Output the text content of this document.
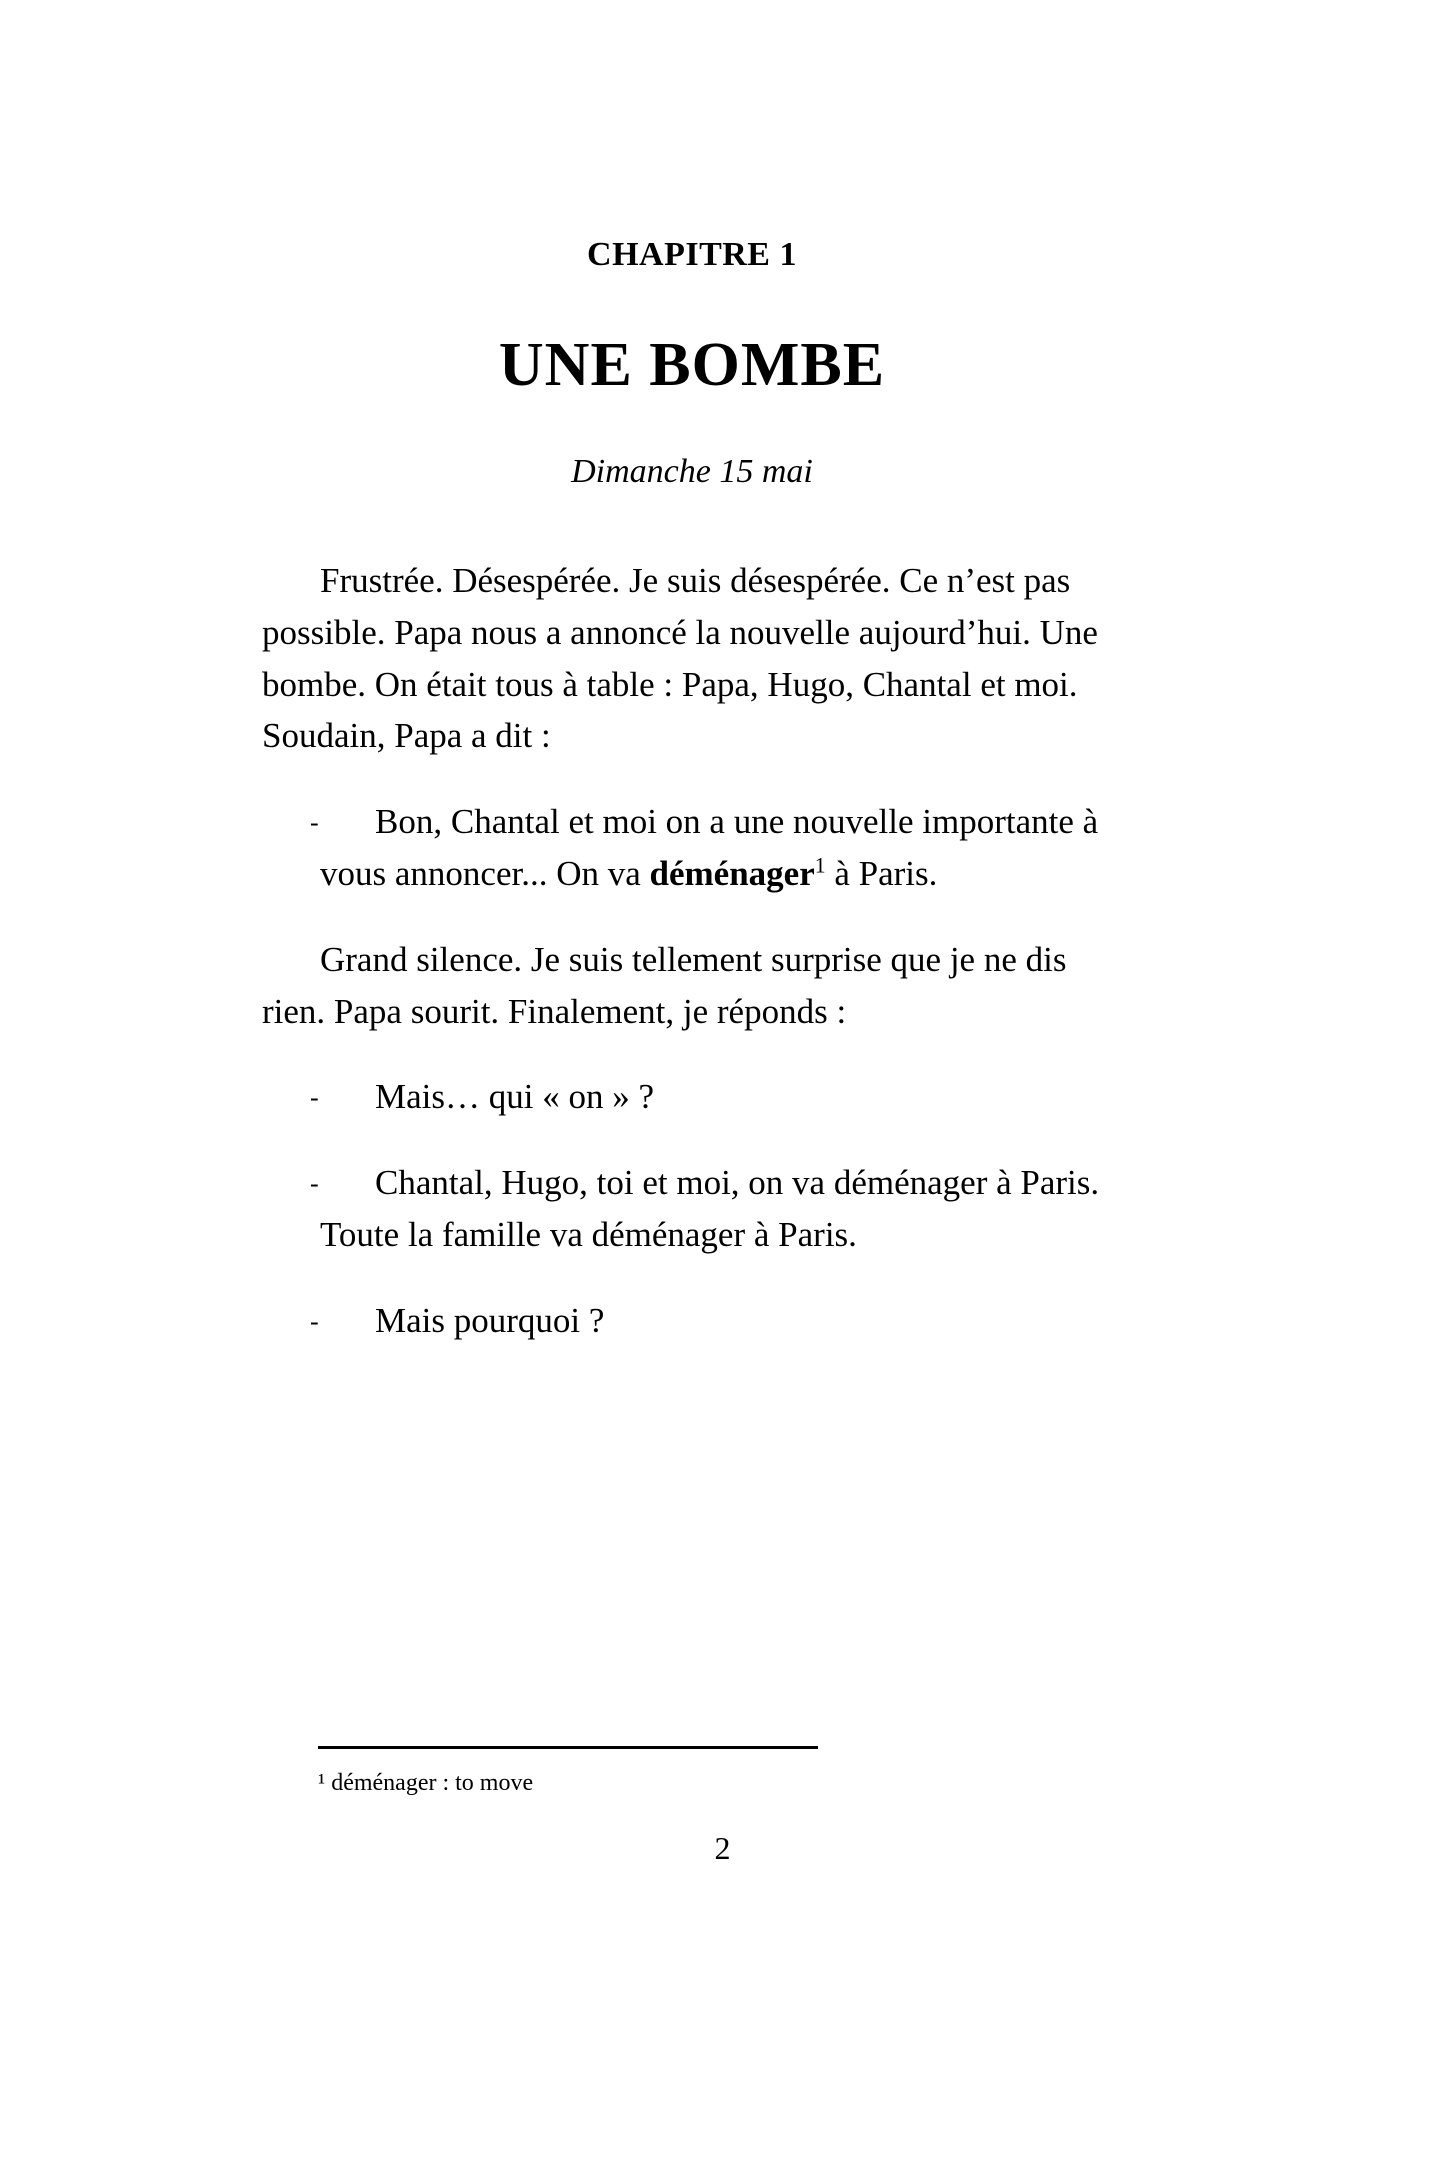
CHAPITRE 1
UNE BOMBE
Dimanche 15 mai

Frustrée. Désespérée. Je suis désespérée. Ce n’est pas possible. Papa nous a annoncé la nouvelle aujourd’hui. Une bombe. On était tous à table : Papa, Hugo, Chantal et moi. Soudain, Papa a dit :

- Bon, Chantal et moi on a une nouvelle importante à vous annoncer... On va déménager$^1$ à Paris.

Grand silence. Je suis tellement surprise que je ne dis rien. Papa sourit. Finalement, je réponds :

- Mais… qui « on » ?

- Chantal, Hugo, toi et moi, on va déménager à Paris. Toute la famille va déménager à Paris.

- Mais pourquoi ?

¹ déménager : to move
2
